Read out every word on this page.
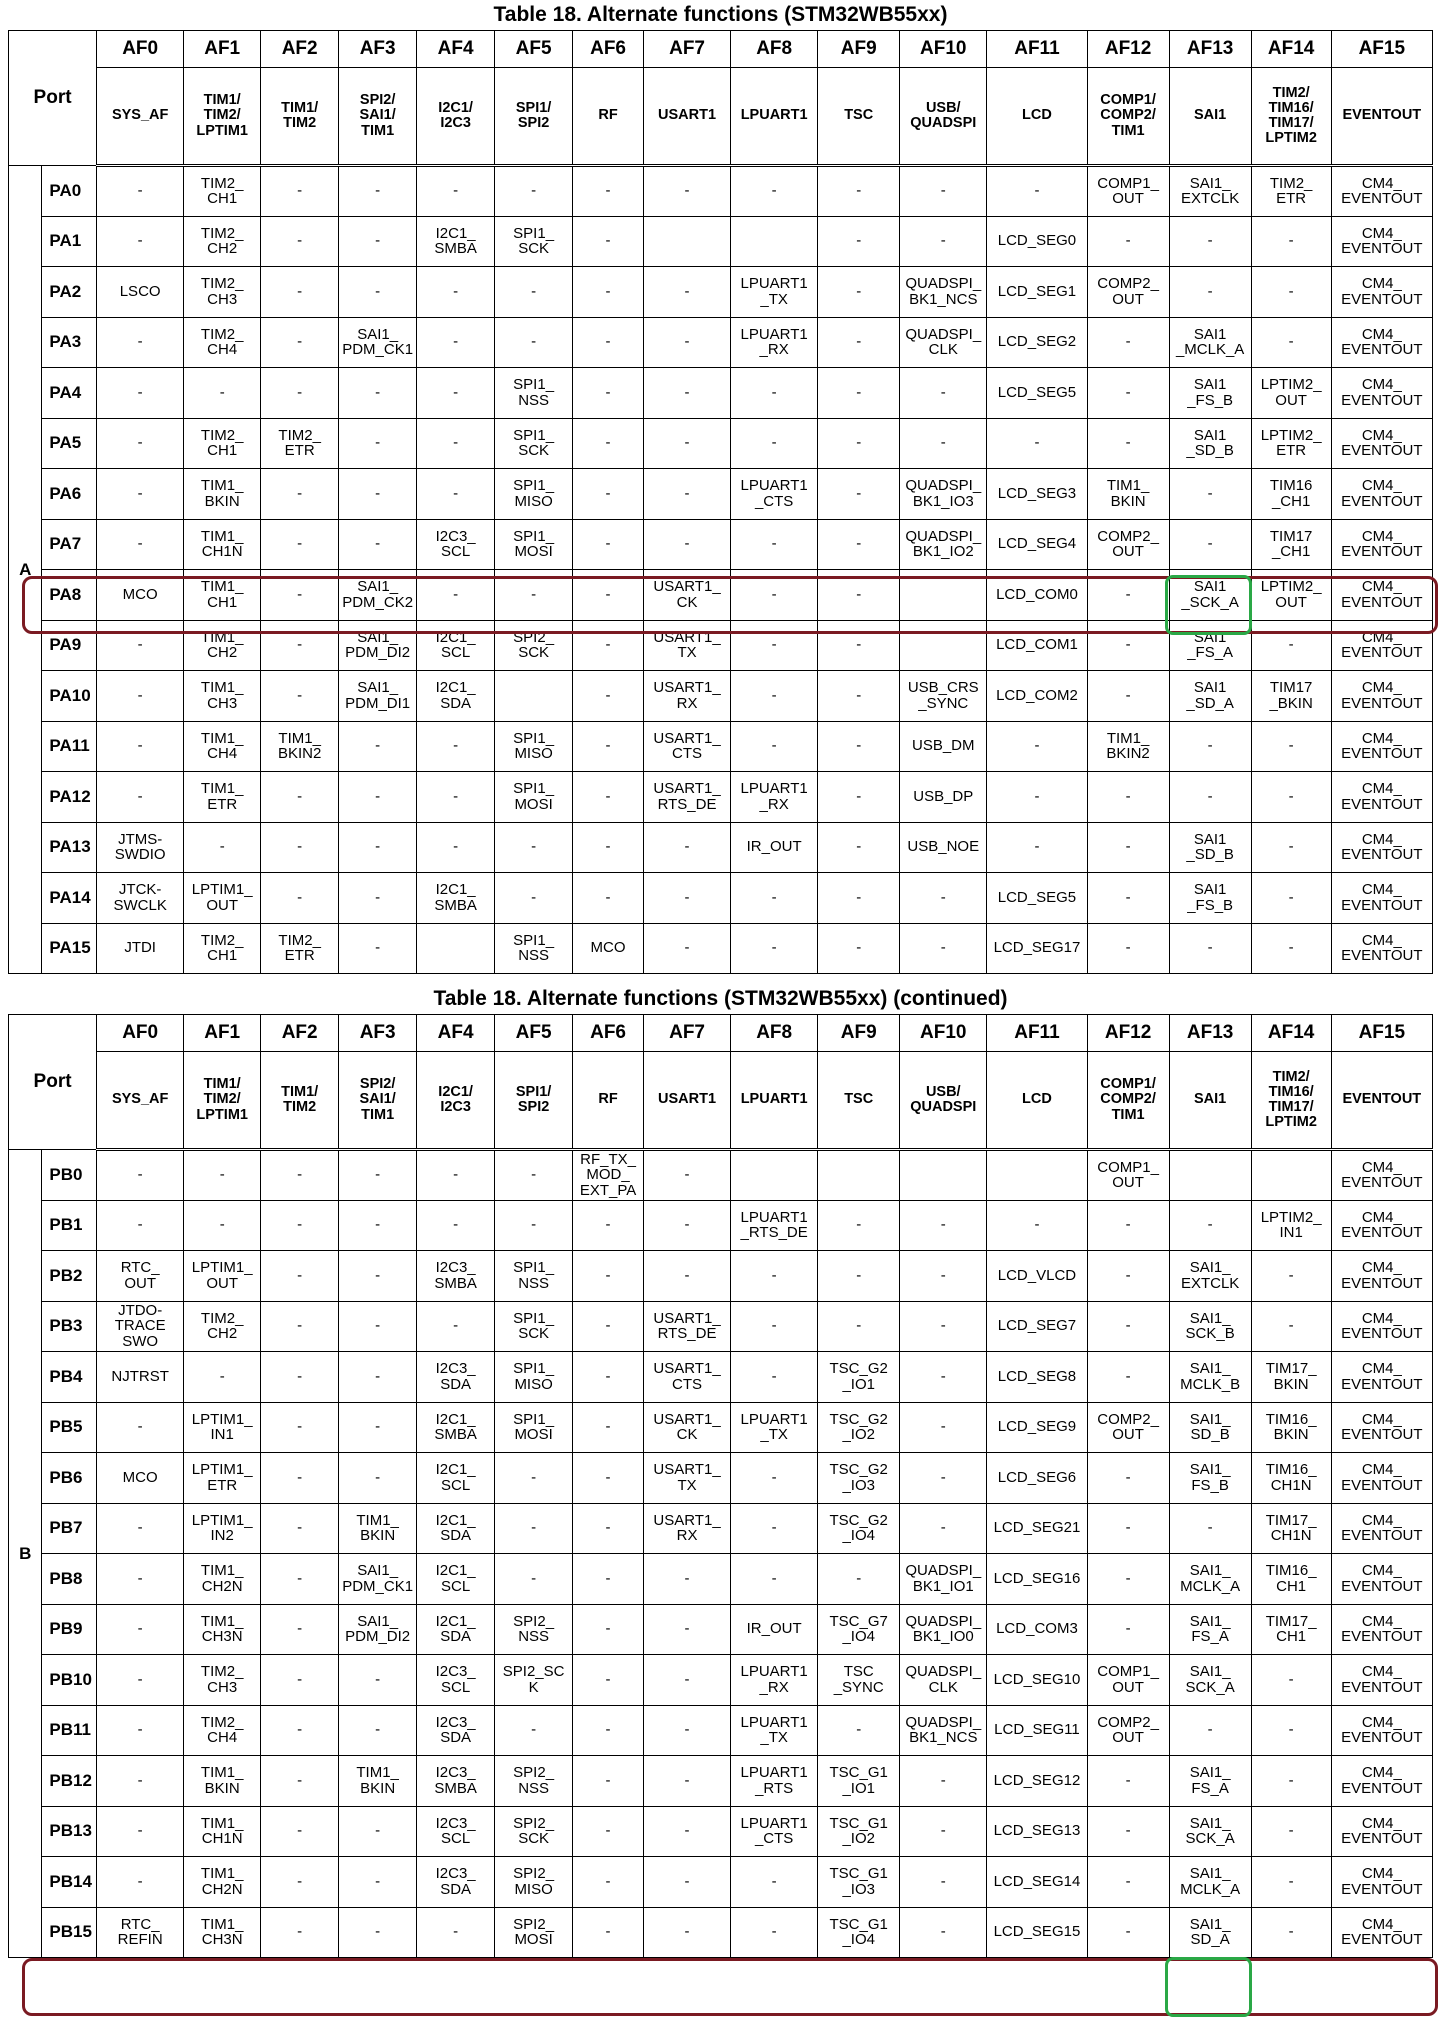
Table 18. Alternate functions (STM32WB55xx)
Port		AF0	AF1	AF2	AF3	AF4	AF5	AF6	AF7	AF8	AF9	AF10	AF11	AF12	AF13	AF14	AF15
		SYS_AF	TIM1/
TIM2/
LPTIM1	TIM1/
TIM2	SPI2/
SAI1/
TIM1	I2C1/
I2C3	SPI1/
SPI2	RF	USART1	LPUART1	TSC	USB/
QUADSPI	LCD	COMP1/
COMP2/
TIM1	SAI1	TIM2/
TIM16/
TIM17/
LPTIM2	EVENTOUT
A	PA0	-	TIM2_
CH1	-	-	-	-	-	-	-	-	-	-	COMP1_
OUT	SAI1_
EXTCLK	TIM2_
ETR	CM4_
EVENTOUT
	PA1	-	TIM2_
CH2	-	-	I2C1_
SMBA	SPI1_
SCK	-			-	-	LCD_SEG0	-	-	-	CM4_
EVENTOUT
	PA2	LSCO	TIM2_
CH3	-	-	-	-	-	-	LPUART1
_TX	-	QUADSPI_
BK1_NCS	LCD_SEG1	COMP2_
OUT	-	-	CM4_
EVENTOUT
	PA3	-	TIM2_
CH4	-	SAI1_
PDM_CK1	-	-	-	-	LPUART1
_RX	-	QUADSPI_
CLK	LCD_SEG2	-	SAI1
_MCLK_A	-	CM4_
EVENTOUT
	PA4	-	-	-	-	-	SPI1_
NSS	-	-	-	-	-	LCD_SEG5	-	SAI1
_FS_B	LPTIM2_
OUT	CM4_
EVENTOUT
	PA5	-	TIM2_
CH1	TIM2_
ETR	-	-	SPI1_
SCK	-	-	-	-	-	-	-	SAI1
_SD_B	LPTIM2_
ETR	CM4_
EVENTOUT
	PA6	-	TIM1_
BKIN	-	-	-	SPI1_
MISO	-	-	LPUART1
_CTS	-	QUADSPI_
BK1_IO3	LCD_SEG3	TIM1_
BKIN	-	TIM16
_CH1	CM4_
EVENTOUT
	PA7	-	TIM1_
CH1N	-	-	I2C3_
SCL	SPI1_
MOSI	-	-	-	-	QUADSPI_
BK1_IO2	LCD_SEG4	COMP2_
OUT	-	TIM17
_CH1	CM4_
EVENTOUT
	PA8	MCO	TIM1_
CH1	-	SAI1_
PDM_CK2	-	-	-	USART1_
CK	-	-		LCD_COM0	-	SAI1
_SCK_A	LPTIM2_
OUT	CM4_
EVENTOUT
	PA9	-	TIM1_
CH2	-	SAI1_
PDM_DI2	I2C1_
SCL	SPI2_
SCK	-	USART1_
TX	-	-		LCD_COM1	-	SAI1
_FS_A	-	CM4_
EVENTOUT
	PA10	-	TIM1_
CH3	-	SAI1_
PDM_DI1	I2C1_
SDA		-	USART1_
RX	-	-	USB_CRS
_SYNC	LCD_COM2	-	SAI1
_SD_A	TIM17
_BKIN	CM4_
EVENTOUT
	PA11	-	TIM1_
CH4	TIM1_
BKIN2	-	-	SPI1_
MISO	-	USART1_
CTS	-	-	USB_DM	-	TIM1_
BKIN2	-	-	CM4_
EVENTOUT
	PA12	-	TIM1_
ETR	-	-	-	SPI1_
MOSI	-	USART1_
RTS_DE	LPUART1
_RX	-	USB_DP	-	-	-	-	CM4_
EVENTOUT
	PA13	JTMS-
SWDIO	-	-	-	-	-	-	-	IR_OUT	-	USB_NOE	-	-	SAI1
_SD_B	-	CM4_
EVENTOUT
	PA14	JTCK-
SWCLK	LPTIM1_
OUT	-	-	I2C1_
SMBA	-	-	-	-	-	-	LCD_SEG5	-	SAI1
_FS_B	-	CM4_
EVENTOUT
	PA15	JTDI	TIM2_
CH1	TIM2_
ETR	-		SPI1_
NSS	MCO	-	-	-	-	LCD_SEG17	-	-	-	CM4_
EVENTOUT
Table 18. Alternate functions (STM32WB55xx) (continued)
Port		AF0	AF1	AF2	AF3	AF4	AF5	AF6	AF7	AF8	AF9	AF10	AF11	AF12	AF13	AF14	AF15
		SYS_AF	TIM1/
TIM2/
LPTIM1	TIM1/
TIM2	SPI2/
SAI1/
TIM1	I2C1/
I2C3	SPI1/
SPI2	RF	USART1	LPUART1	TSC	USB/
QUADSPI	LCD	COMP1/
COMP2/
TIM1	SAI1	TIM2/
TIM16/
TIM17/
LPTIM2	EVENTOUT
B	PB0	-	-	-	-	-	-	RF_TX_
MOD_
EXT_PA	-					COMP1_
OUT			CM4_
EVENTOUT
	PB1	-	-	-	-	-	-	-	-	LPUART1
_RTS_DE	-	-	-	-	-	LPTIM2_
IN1	CM4_
EVENTOUT
	PB2	RTC_
OUT	LPTIM1_
OUT	-	-	I2C3_
SMBA	SPI1_
NSS	-	-	-	-	-	LCD_VLCD	-	SAI1_
EXTCLK	-	CM4_
EVENTOUT
	PB3	JTDO-
TRACE
SWO	TIM2_
CH2	-	-	-	SPI1_
SCK	-	USART1_
RTS_DE	-	-	-	LCD_SEG7	-	SAI1_
SCK_B	-	CM4_
EVENTOUT
	PB4	NJTRST	-	-	-	I2C3_
SDA	SPI1_
MISO	-	USART1_
CTS	-	TSC_G2
_IO1	-	LCD_SEG8	-	SAI1_
MCLK_B	TIM17_
BKIN	CM4_
EVENTOUT
	PB5	-	LPTIM1_
IN1	-	-	I2C1_
SMBA	SPI1_
MOSI	-	USART1_
CK	LPUART1
_TX	TSC_G2
_IO2	-	LCD_SEG9	COMP2_
OUT	SAI1_
SD_B	TIM16_
BKIN	CM4_
EVENTOUT
	PB6	MCO	LPTIM1_
ETR	-	-	I2C1_
SCL	-	-	USART1_
TX	-	TSC_G2
_IO3	-	LCD_SEG6	-	SAI1_
FS_B	TIM16_
CH1N	CM4_
EVENTOUT
	PB7	-	LPTIM1_
IN2	-	TIM1_
BKIN	I2C1_
SDA	-	-	USART1_
RX	-	TSC_G2
_IO4	-	LCD_SEG21	-	-	TIM17_
CH1N	CM4_
EVENTOUT
	PB8	-	TIM1_
CH2N	-	SAI1_
PDM_CK1	I2C1_
SCL	-	-	-	-	-	QUADSPI_
BK1_IO1	LCD_SEG16	-	SAI1_
MCLK_A	TIM16_
CH1	CM4_
EVENTOUT
	PB9	-	TIM1_
CH3N	-	SAI1_
PDM_DI2	I2C1_
SDA	SPI2_
NSS	-	-	IR_OUT	TSC_G7
_IO4	QUADSPI_
BK1_IO0	LCD_COM3	-	SAI1_
FS_A	TIM17_
CH1	CM4_
EVENTOUT
	PB10	-	TIM2_
CH3	-	-	I2C3_
SCL	SPI2_SC
K	-	-	LPUART1
_RX	TSC
_SYNC	QUADSPI_
CLK	LCD_SEG10	COMP1_
OUT	SAI1_
SCK_A	-	CM4_
EVENTOUT
	PB11	-	TIM2_
CH4	-	-	I2C3_
SDA	-	-	-	LPUART1
_TX	-	QUADSPI_
BK1_NCS	LCD_SEG11	COMP2_
OUT	-	-	CM4_
EVENTOUT
	PB12	-	TIM1_
BKIN	-	TIM1_
BKIN	I2C3_
SMBA	SPI2_
NSS	-	-	LPUART1
_RTS	TSC_G1
_IO1	-	LCD_SEG12	-	SAI1_
FS_A	-	CM4_
EVENTOUT
	PB13	-	TIM1_
CH1N	-	-	I2C3_
SCL	SPI2_
SCK	-	-	LPUART1
_CTS	TSC_G1
_IO2	-	LCD_SEG13	-	SAI1_
SCK_A	-	CM4_
EVENTOUT
	PB14	-	TIM1_
CH2N	-	-	I2C3_
SDA	SPI2_
MISO	-	-	-	TSC_G1
_IO3	-	LCD_SEG14	-	SAI1_
MCLK_A	-	CM4_
EVENTOUT
	PB15	RTC_
REFIN	TIM1_
CH3N	-	-	-	SPI2_
MOSI	-	-	-	TSC_G1
_IO4	-	LCD_SEG15	-	SAI1_
SD_A	-	CM4_
EVENTOUT
